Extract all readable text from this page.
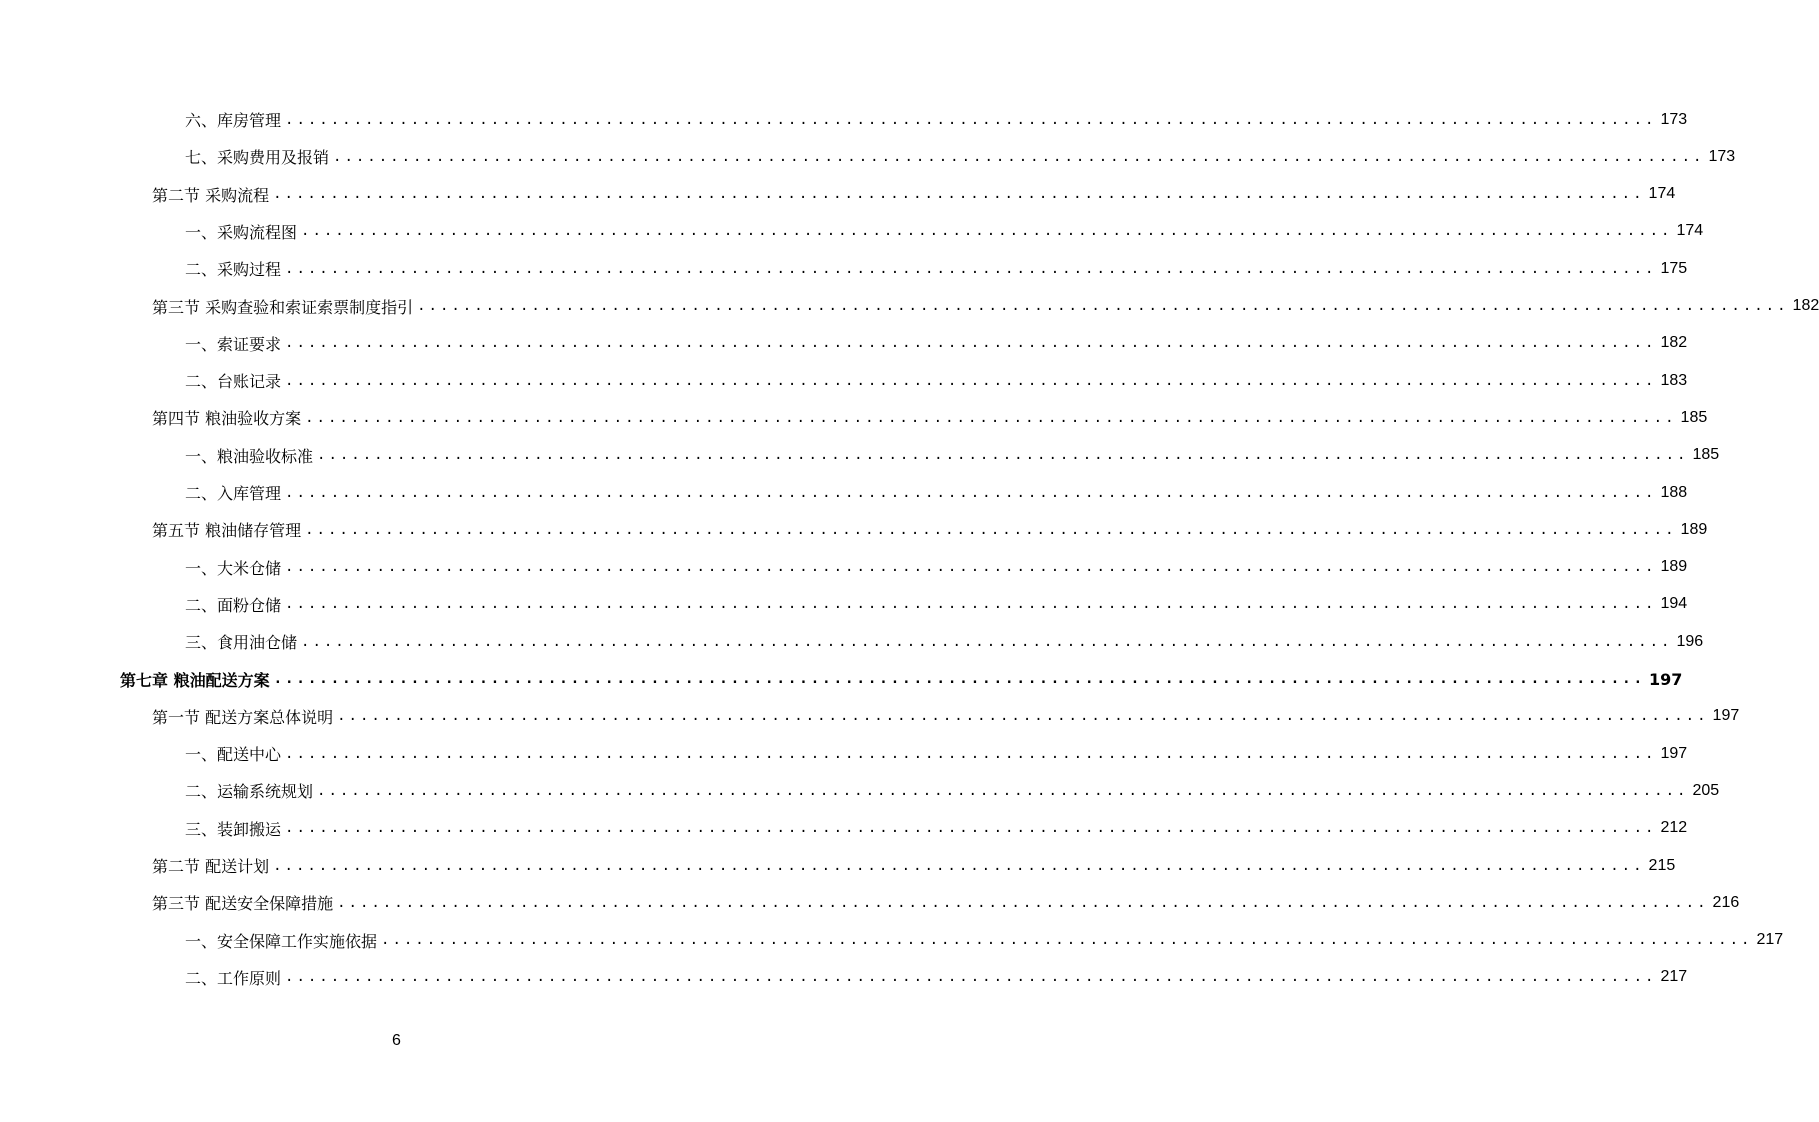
六、库房管理 ........................................................................................................................ 173
七、采购费用及报销 ........................................................................................................................ 173
第二节 采购流程 ........................................................................................................................ 174
一、采购流程图 ........................................................................................................................ 174
二、采购过程 ........................................................................................................................ 175
第三节 采购查验和索证索票制度指引 ........................................................................................................................ 182
一、索证要求 ........................................................................................................................ 182
二、台账记录 ........................................................................................................................ 183
第四节 粮油验收方案 ........................................................................................................................ 185
一、粮油验收标准 ........................................................................................................................ 185
二、入库管理 ........................................................................................................................ 188
第五节 粮油储存管理 ........................................................................................................................ 189
一、大米仓储 ........................................................................................................................ 189
二、面粉仓储 ........................................................................................................................ 194
三、食用油仓储 ........................................................................................................................ 196
第七章 粮油配送方案 ........................................................................................................................ 197
第一节 配送方案总体说明 ........................................................................................................................ 197
一、配送中心 ........................................................................................................................ 197
二、运输系统规划 ........................................................................................................................ 205
三、装卸搬运 ........................................................................................................................ 212
第二节 配送计划 ........................................................................................................................ 215
第三节 配送安全保障措施 ........................................................................................................................ 216
一、安全保障工作实施依据 ........................................................................................................................ 217
二、工作原则 ........................................................................................................................ 217
6
